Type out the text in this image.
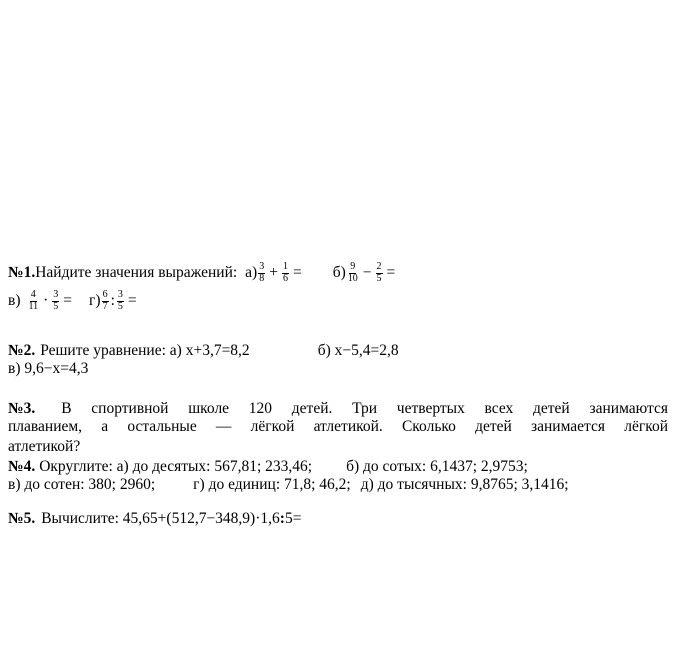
№1. Найдите значения выражений: $а) \frac{3}{8} + \frac{1}{6} = б) \frac{9}{10} - \frac{2}{5}$ =
$в) \frac{4}{11} \cdot \frac{3}{5} = г) \frac{6}{7}$ : $\frac{3}{5}$ =
№2. Решите уравнение: а) x+3,7=8,2	б) x−5,4=2,8
в) 9,6−x=4,3
№3. В спортивной школе 120 детей. Три четвертых всех детей занимаются
плаванием, а остальные — лёгкой атлетикой. Сколько детей занимается лёгкой
атлетикой?
№4. Округлите: а) до десятых: 567,81; 233,46; б) до сотых: 6,1437; 2,9753;
в) до сотен: 380; 2960; г) до единиц: 71,8; 46,2; д) до тысячных: 9,8765; 3,1416;
№5. Вычислите: 45,65+(512,7−348,9)·1,6 : 5=
